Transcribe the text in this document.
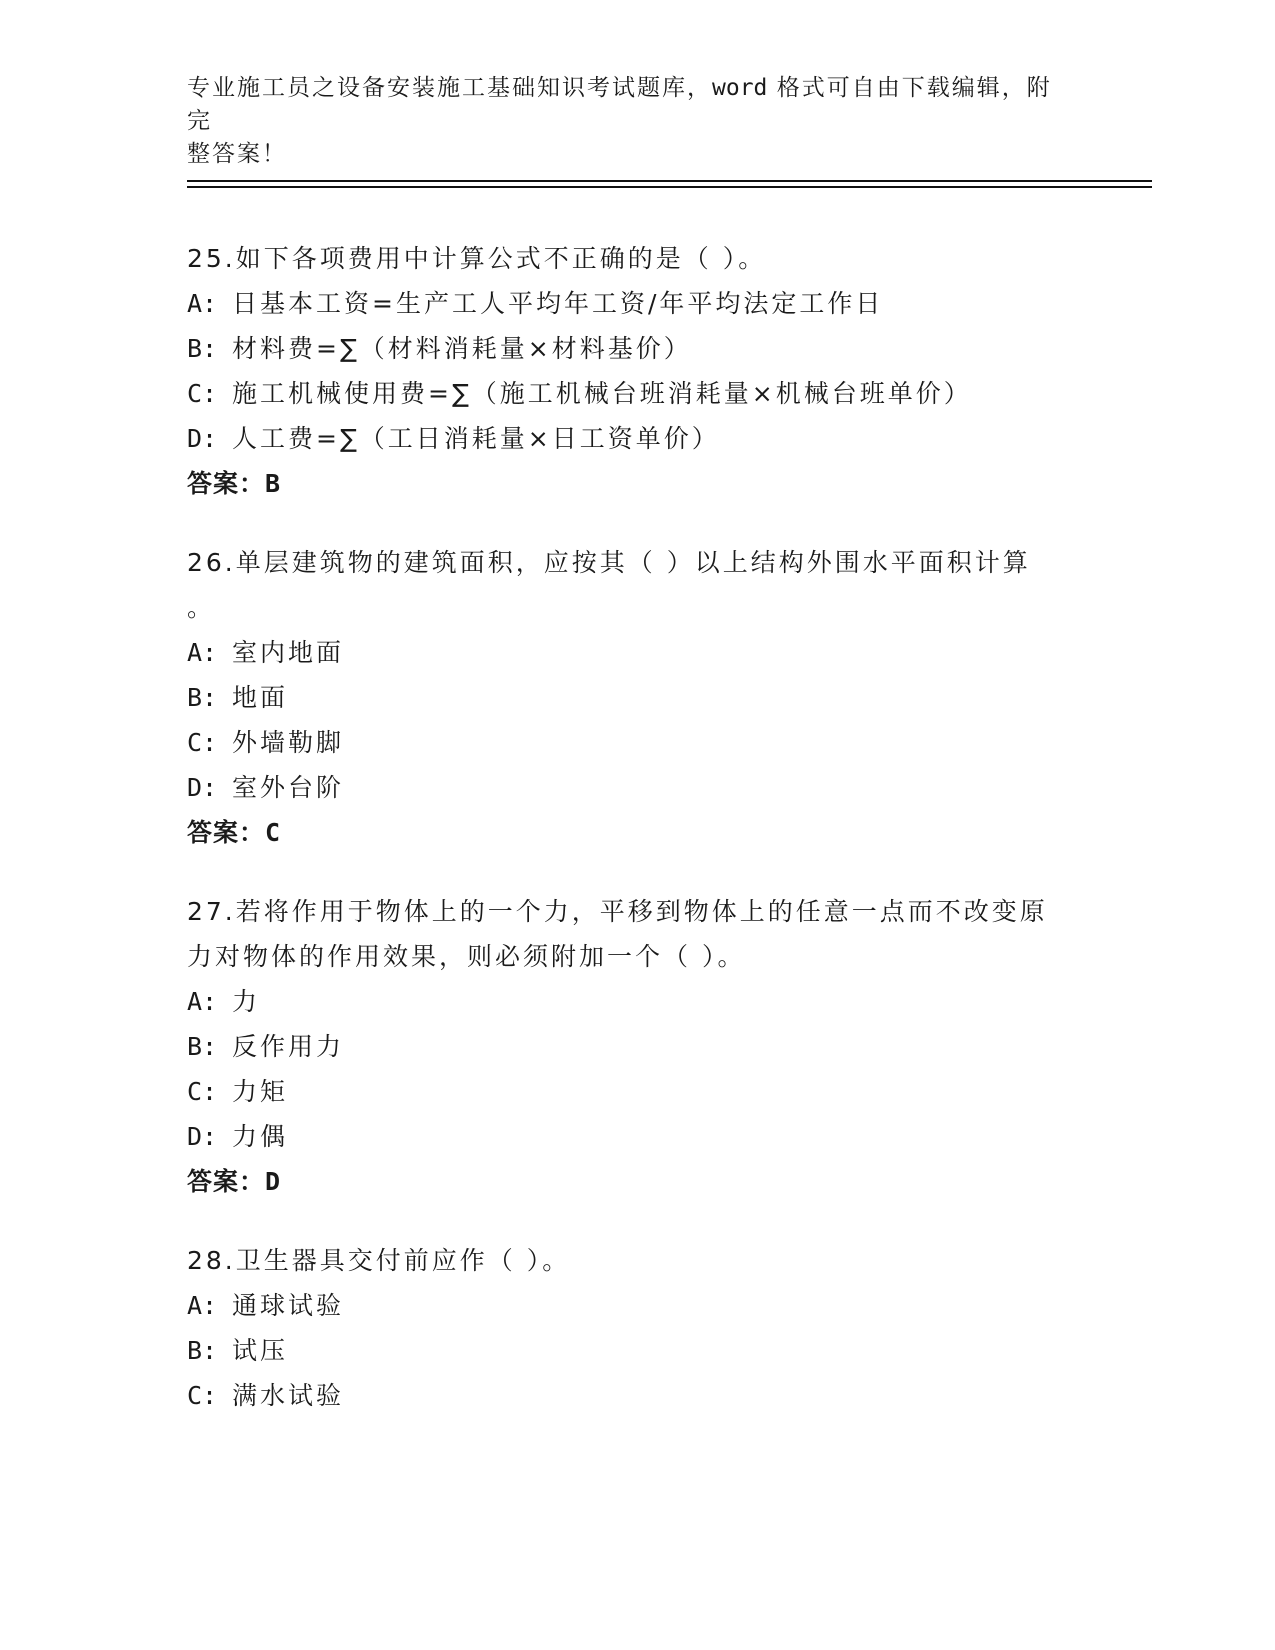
专业施工员之设备安装施工基础知识考试题库，word 格式可自由下载编辑，附完
整答案！
25.如下各项费用中计算公式不正确的是（ ）。
A: 日基本工资=生产工人平均年工资/年平均法定工作日
B: 材料费=∑（材料消耗量×材料基价）
C: 施工机械使用费=∑（施工机械台班消耗量×机械台班单价）
D: 人工费=∑（工日消耗量×日工资单价）
答案：B
26.单层建筑物的建筑面积，应按其（ ）以上结构外围水平面积计算
。
A: 室内地面
B: 地面
C: 外墙勒脚
D: 室外台阶
答案：C
27.若将作用于物体上的一个力，平移到物体上的任意一点而不改变原力对物体的作用效果，则必须附加一个（ ）。
A: 力
B: 反作用力
C: 力矩
D: 力偶
答案：D
28.卫生器具交付前应作（ ）。
A: 通球试验
B: 试压
C: 满水试验
